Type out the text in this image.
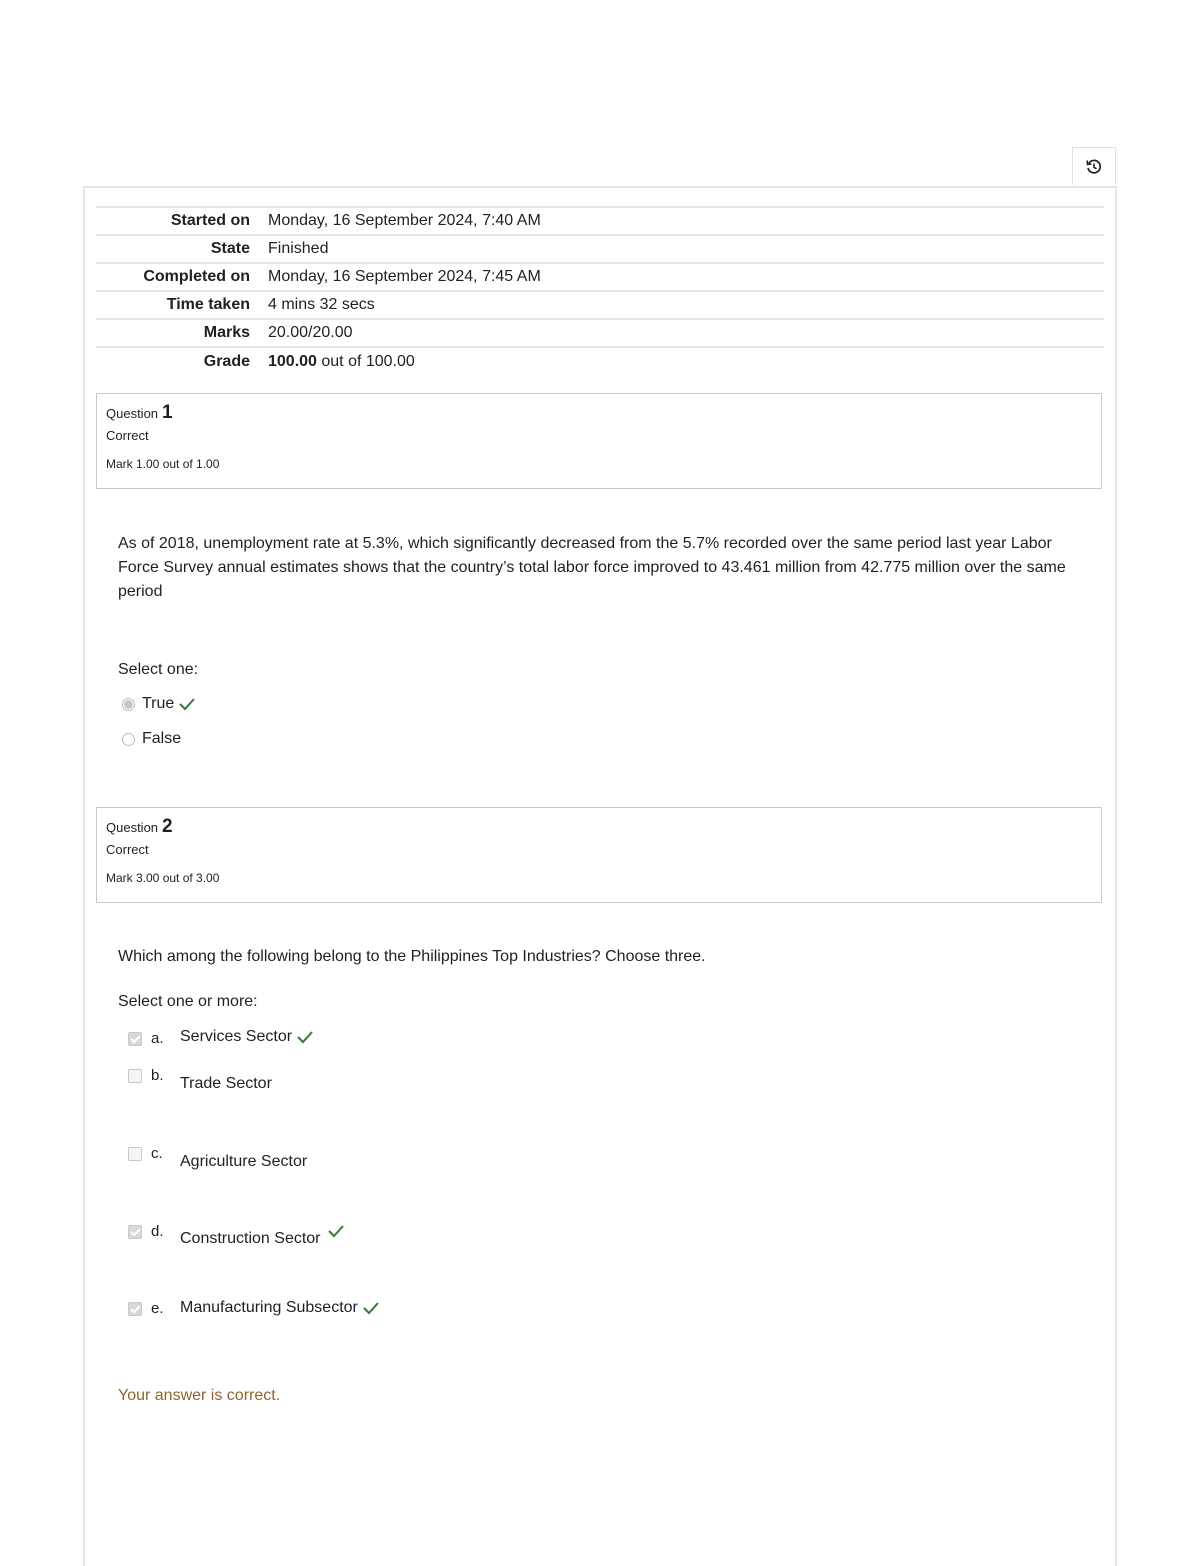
Started on	Monday, 16 September 2024, 7:40 AM
State	Finished
Completed on	Monday, 16 September 2024, 7:45 AM
Time taken	4 mins 32 secs
Marks	20.00/20.00
Grade	100.00 out of 100.00
Question 1
Correct
Mark 1.00 out of 1.00
As of 2018, unemployment rate at 5.3%, which significantly decreased from the 5.7% recorded over the same period last year Labor Force Survey annual estimates shows that the country’s total labor force improved to 43.461 million from 42.775 million over the same period
Select one:
True
False
Question 2
Correct
Mark 3.00 out of 3.00
Which among the following belong to the Philippines Top Industries? Choose three.
Select one or more:
a. Services Sector
b. Trade Sector
c. Agriculture Sector
d. Construction Sector
e. Manufacturing Subsector
Your answer is correct.
